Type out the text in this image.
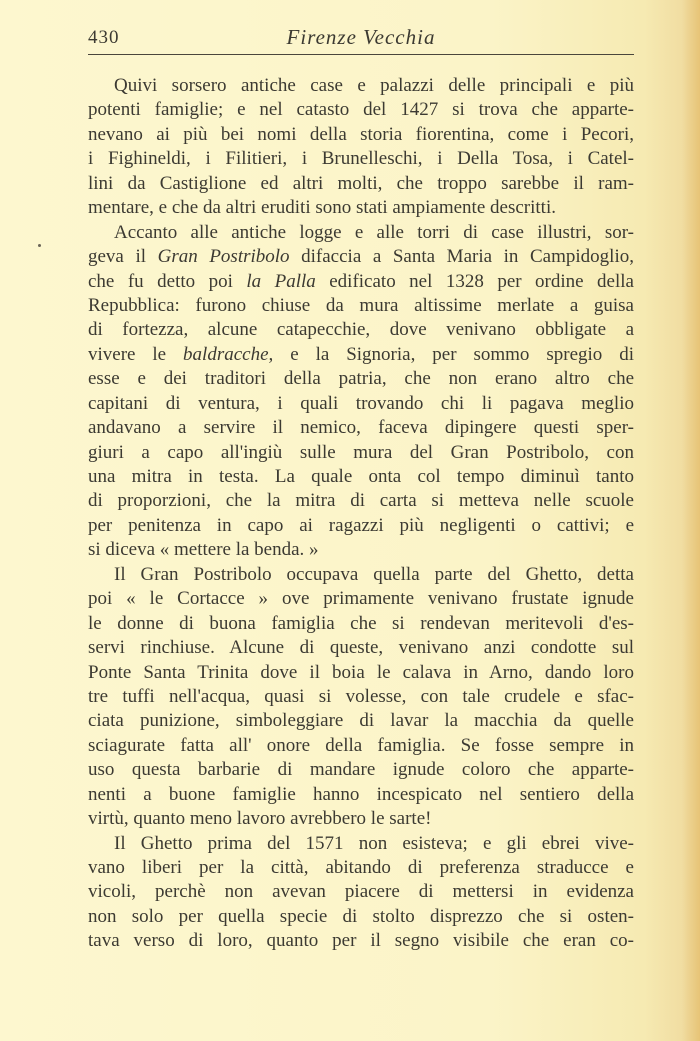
430	Firenze Vecchia
Quivi sorsero antiche case e palazzi delle principali e più
potenti famiglie; e nel catasto del 1427 si trova che apparte-
nevano ai più bei nomi della storia fiorentina, come i Pecori,
i Fighineldi, i Filitieri, i Brunelleschi, i Della Tosa, i Catel-
lini da Castiglione ed altri molti, che troppo sarebbe il ram-
mentare, e che da altri eruditi sono stati ampiamente descritti.
Accanto alle antiche logge e alle torri di case illustri, sor-
geva il Gran Postribolo difaccia a Santa Maria in Campidoglio,
che fu detto poi la Palla edificato nel 1328 per ordine della
Repubblica: furono chiuse da mura altissime merlate a guisa
di fortezza, alcune catapecchie, dove venivano obbligate a
vivere le baldracche, e la Signoria, per sommo spregio di
esse e dei traditori della patria, che non erano altro che
capitani di ventura, i quali trovando chi li pagava meglio
andavano a servire il nemico, faceva dipingere questi sper-
giuri a capo all'ingiù sulle mura del Gran Postribolo, con
una mitra in testa. La quale onta col tempo diminuì tanto
di proporzioni, che la mitra di carta si metteva nelle scuole
per penitenza in capo ai ragazzi più negligenti o cattivi; e
si diceva « mettere la benda. »
Il Gran Postribolo occupava quella parte del Ghetto, detta
poi « le Cortacce » ove primamente venivano frustate ignude
le donne di buona famiglia che si rendevan meritevoli d'es-
servi rinchiuse. Alcune di queste, venivano anzi condotte sul
Ponte Santa Trinita dove il boia le calava in Arno, dando loro
tre tuffi nell'acqua, quasi si volesse, con tale crudele e sfac-
ciata punizione, simboleggiare di lavar la macchia da quelle
sciagurate fatta all' onore della famiglia. Se fosse sempre in
uso questa barbarie di mandare ignude coloro che apparte-
nenti a buone famiglie hanno incespicato nel sentiero della
virtù, quanto meno lavoro avrebbero le sarte!
Il Ghetto prima del 1571 non esisteva; e gli ebrei vive-
vano liberi per la città, abitando di preferenza straducce e
vicoli, perchè non avevan piacere di mettersi in evidenza
non solo per quella specie di stolto disprezzo che si osten-
tava verso di loro, quanto per il segno visibile che eran co-
